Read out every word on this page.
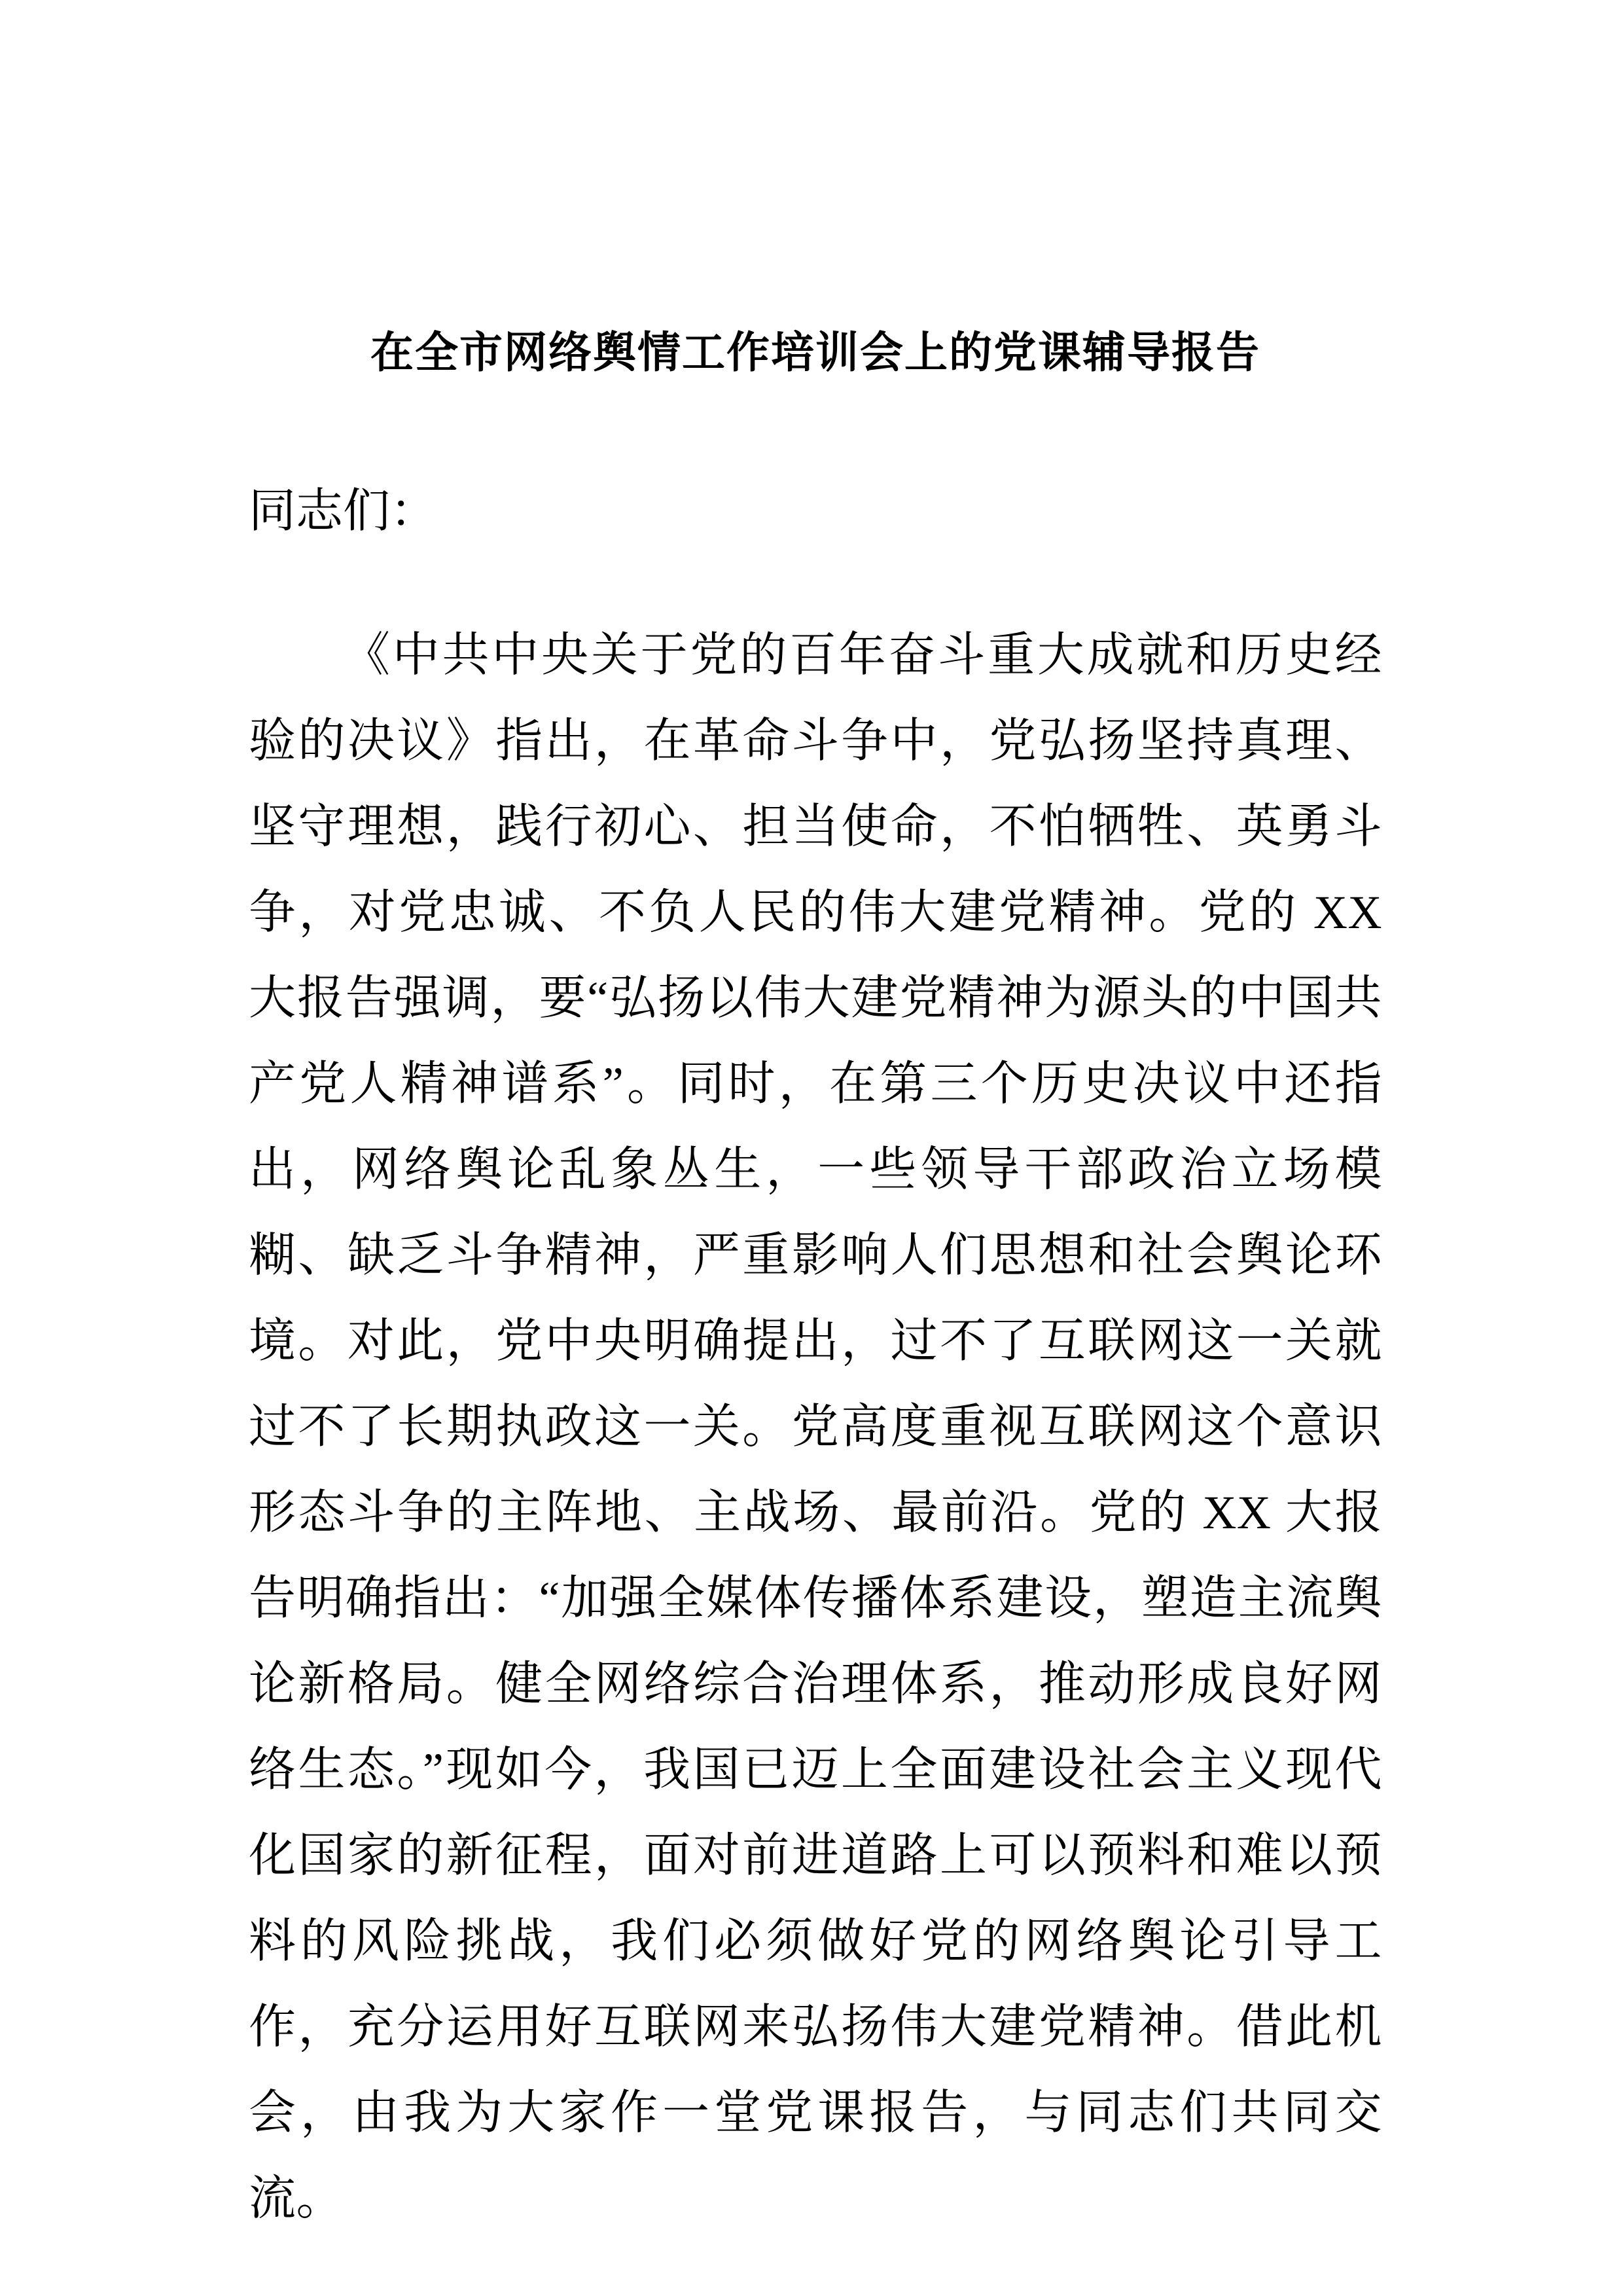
在全市网络舆情工作培训会上的党课辅导报告

同志们：

《中共中央关于党的百年奋斗重大成就和历史经验的决议》指出，在革命斗争中，党弘扬坚持真理、坚守理想，践行初心、担当使命，不怕牺牲、英勇斗争，对党忠诚、不负人民的伟大建党精神。党的 XX 大报告强调，要“弘扬以伟大建党精神为源头的中国共产党人精神谱系”。同时，在第三个历史决议中还指出，网络舆论乱象丛生，一些领导干部政治立场模糊、缺乏斗争精神，严重影响人们思想和社会舆论环境。对此，党中央明确提出，过不了互联网这一关就过不了长期执政这一关。党高度重视互联网这个意识形态斗争的主阵地、主战场、最前沿。党的 XX 大报告明确指出：“加强全媒体传播体系建设，塑造主流舆论新格局。健全网络综合治理体系，推动形成良好网络生态。”现如今，我国已迈上全面建设社会主义现代化国家的新征程，面对前进道路上可以预料和难以预料的风险挑战，我们必须做好党的网络舆论引导工作，充分运用好互联网来弘扬伟大建党精神。借此机会，由我为大家作一堂党课报告，与同志们共同交流。
